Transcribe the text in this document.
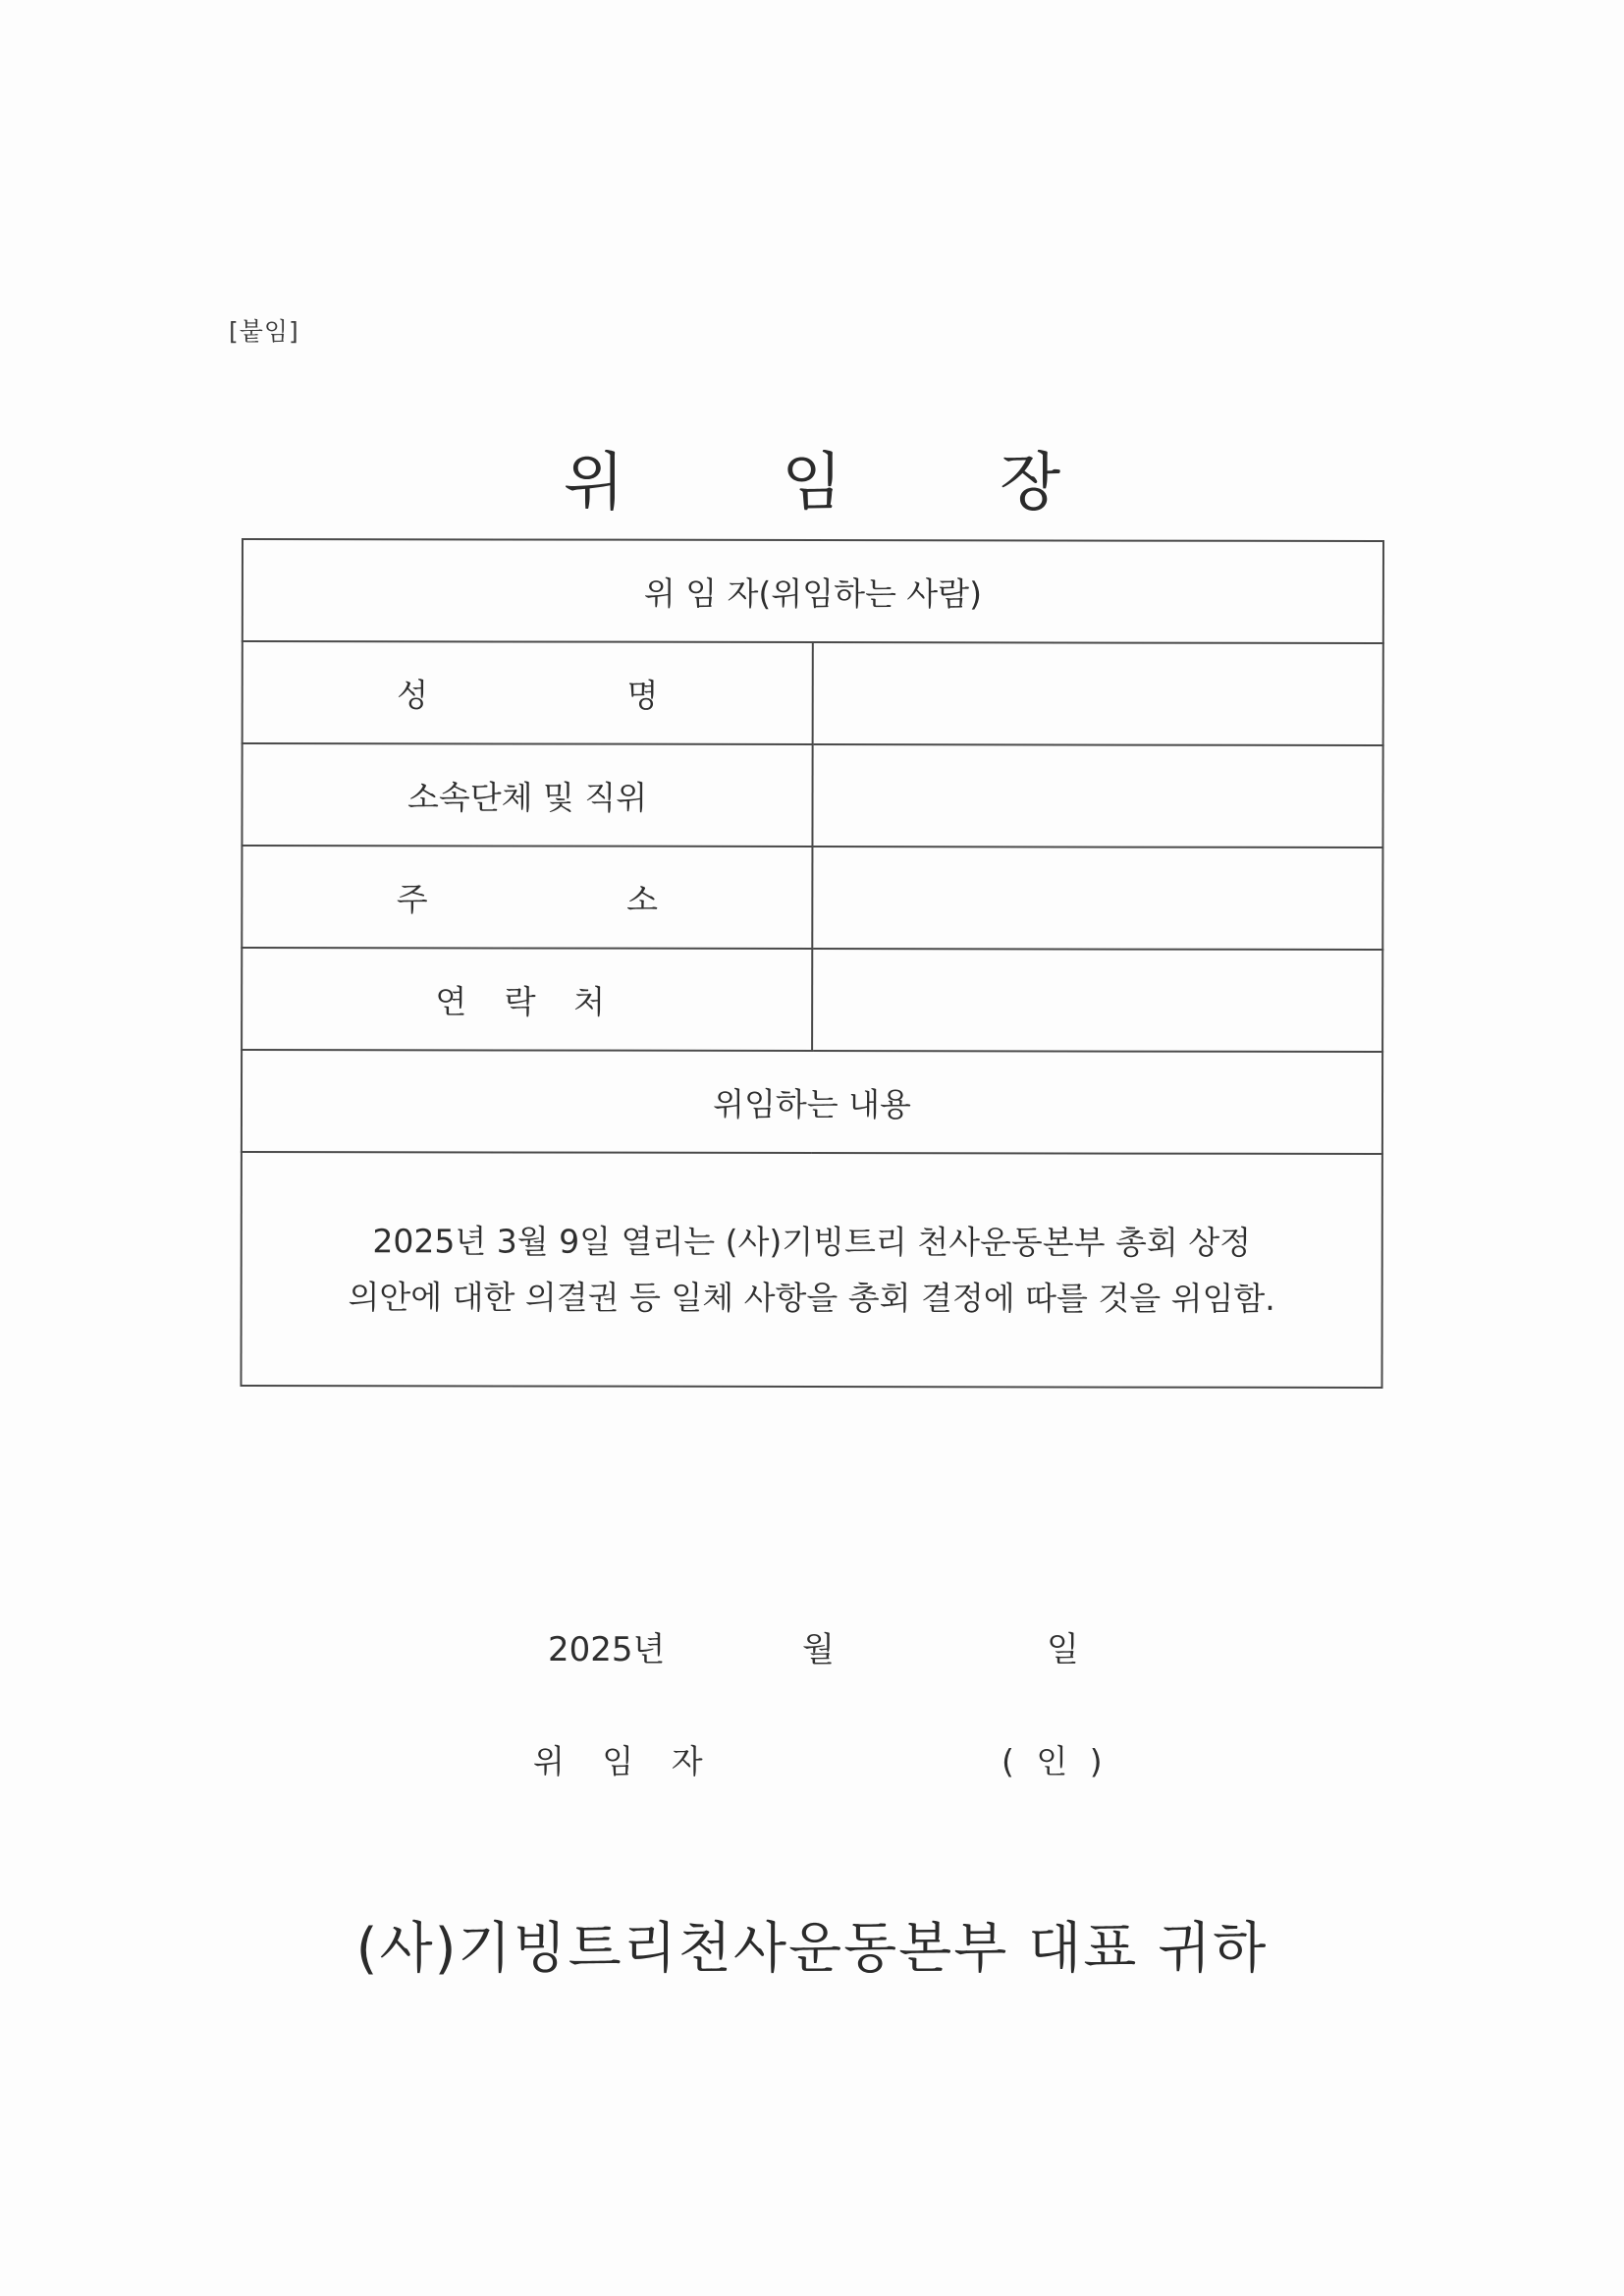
[붙임]
위 임 장
위 임 자(위임하는 사람)	
성 명	
소속단체 및 직위	
주 소	
연 락 처	
위임하는 내용	

2025년 3월 9일 열리는 (사)기빙트리 천사운동본부 총회 상정
의안에 대한 의결권 등 일체 사항을 총회 결정에 따를 것을 위임함.	
2025년	월	일
위 임 자	( 인 )
(사)기빙트리천사운동본부 대표 귀하
